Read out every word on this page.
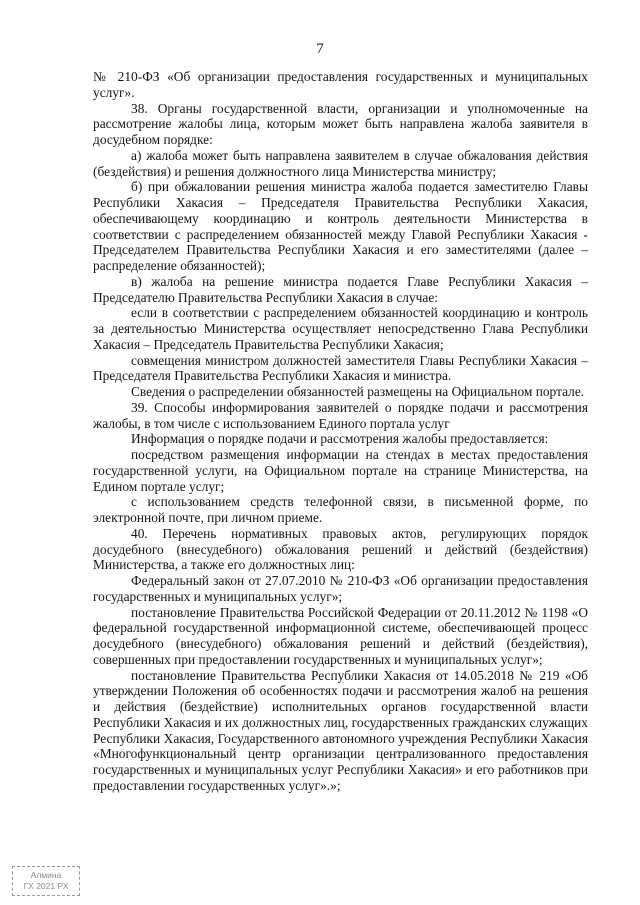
7

№ 210-ФЗ «Об организации предоставления государственных и муниципальных услуг».

38. Органы государственной власти, организации и уполномоченные на рассмотрение жалобы лица, которым может быть направлена жалоба заявителя в досудебном порядке:

а) жалоба может быть направлена заявителем в случае обжалования действия (бездействия) и решения должностного лица Министерства министру;

б) при обжаловании решения министра жалоба подается заместителю Главы Республики Хакасия – Председателя Правительства Республики Хакасия, обеспечивающему координацию и контроль деятельности Министерства в соответствии с распределением обязанностей между Главой Республики Хакасия - Председателем Правительства Республики Хакасия и его заместителями (далее – распределение обязанностей);

в) жалоба на решение министра подается Главе Республики Хакасия – Председателю Правительства Республики Хакасия в случае:

если в соответствии с распределением обязанностей координацию и контроль за деятельностью Министерства осуществляет непосредственно Глава Республики Хакасия – Председатель Правительства Республики Хакасия;

совмещения министром должностей заместителя Главы Республики Хакасия – Председателя Правительства Республики Хакасия и министра.

Сведения о распределении обязанностей размещены на Официальном портале.

39. Способы информирования заявителей о порядке подачи и рассмотрения жалобы, в том числе с использованием Единого портала услуг

Информация о порядке подачи и рассмотрения жалобы предоставляется:

посредством размещения информации на стендах в местах предоставления государственной услуги, на Официальном портале на странице Министерства, на Едином портале услуг;

с использованием средств телефонной связи, в письменной форме, по электронной почте, при личном приеме.

40. Перечень нормативных правовых актов, регулирующих порядок досудебного (внесудебного) обжалования решений и действий (бездействия) Министерства, а также его должностных лиц:

Федеральный закон от 27.07.2010 № 210-ФЗ «Об организации предоставления государственных и муниципальных услуг»;

постановление Правительства Российской Федерации от 20.11.2012 № 1198 «О федеральной государственной информационной системе, обеспечивающей процесс досудебного (внесудебного) обжалования решений и действий (бездействия), совершенных при предоставлении государственных и муниципальных услуг»;

постановление Правительства Республики Хакасия от 14.05.2018 № 219 «Об утверждении Положения об особенностях подачи и рассмотрения жалоб на решения и действия (бездействие) исполнительных органов государственной власти Республики Хакасия и их должностных лиц, государственных гражданских служащих Республики Хакасия, Государственного автономного учреждения Республики Хакасия «Многофункциональный центр организации централизованного предоставления государственных и муниципальных услуг Республики Хакасия» и его работников при предоставлении государственных услуг».»;

Алмина
ГХ 2021 РХ
